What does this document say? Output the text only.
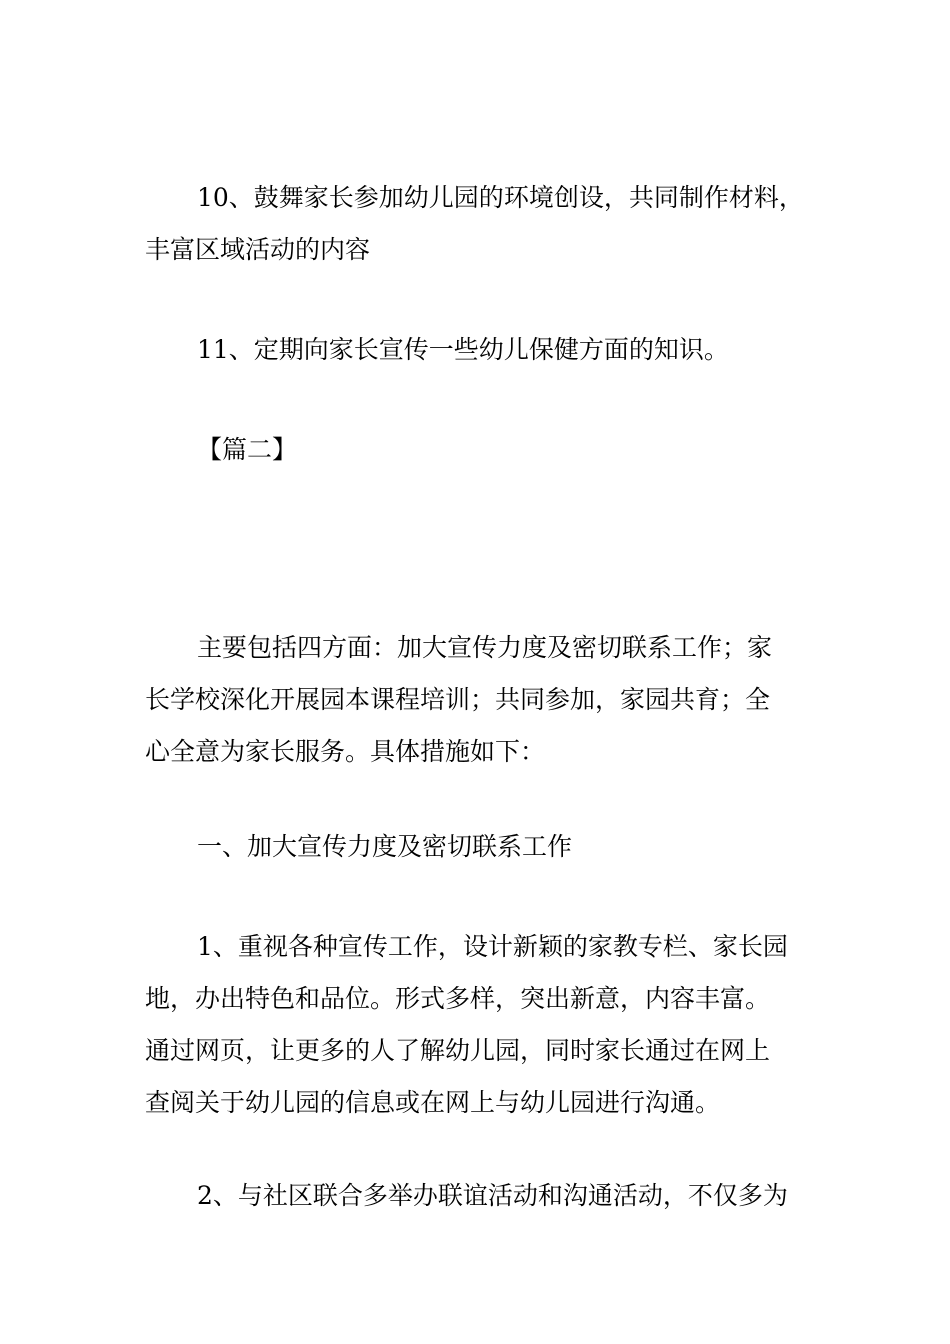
10、鼓舞家长参加幼儿园的环境创设，共同制作材料，
丰富区域活动的内容

11、定期向家长宣传一些幼儿保健方面的知识。

【篇二】

主要包括四方面：加大宣传力度及密切联系工作；家
长学校深化开展园本课程培训；共同参加，家园共育；全
心全意为家长服务。具体措施如下：

一、加大宣传力度及密切联系工作

1、重视各种宣传工作，设计新颖的家教专栏、家长园
地，办出特色和品位。形式多样，突出新意，内容丰富。
通过网页，让更多的人了解幼儿园，同时家长通过在网上
查阅关于幼儿园的信息或在网上与幼儿园进行沟通。

2、与社区联合多举办联谊活动和沟通活动，不仅多为
